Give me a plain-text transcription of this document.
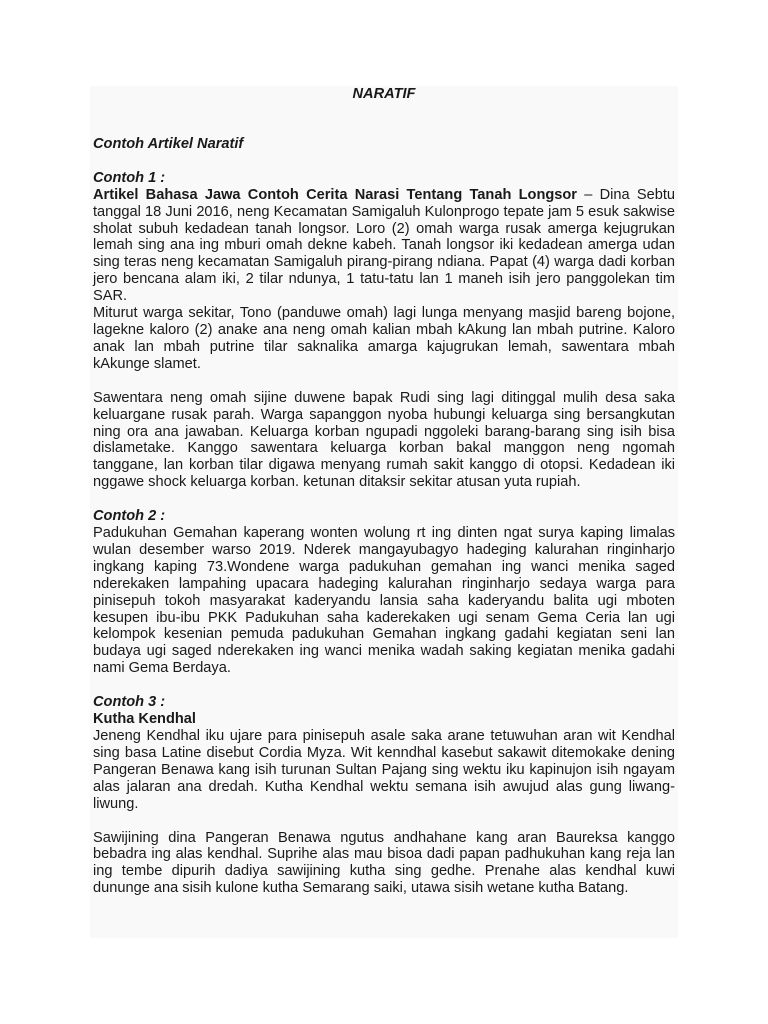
NARATIF
Contoh Artikel Naratif
Contoh 1 :

Artikel Bahasa Jawa Contoh Cerita Narasi Tentang Tanah Longsor – Dina Sebtu tanggal 18 Juni 2016, neng Kecamatan Samigaluh Kulonprogo tepate jam 5 esuk sakwise sholat subuh kedadean tanah longsor. Loro (2) omah warga rusak amerga kejugrukan lemah sing ana ing mburi omah dekne kabeh. Tanah longsor iki kedadean amerga udan sing teras neng kecamatan Samigaluh pirang-pirang ndiana. Papat (4) warga dadi korban jero bencana alam iki, 2 tilar ndunya, 1 tatu-tatu lan 1 maneh isih jero panggolekan tim SAR.

Miturut warga sekitar, Tono (panduwe omah) lagi lunga menyang masjid bareng bojone, lagekne kaloro (2) anake ana neng omah kalian mbah kAkung lan mbah putrine. Kaloro anak lan mbah putrine tilar saknalika amarga kajugrukan lemah, sawentara mbah kAkunge slamet.

Sawentara neng omah sijine duwene bapak Rudi sing lagi ditinggal mulih desa saka keluargane rusak parah. Warga sapanggon nyoba hubungi keluarga sing bersangkutan ning ora ana jawaban. Keluarga korban ngupadi nggoleki barang-barang sing isih bisa dislametake. Kanggo sawentara keluarga korban bakal manggon neng ngomah tanggane, lan korban tilar digawa menyang rumah sakit kanggo di otopsi. Kedadean iki nggawe shock keluarga korban. ketunan ditaksir sekitar atusan yuta rupiah.

Contoh 2 :

Padukuhan Gemahan kaperang wonten wolung rt ing dinten ngat surya kaping limalas wulan desember warso 2019. Nderek mangayubagyo hadeging kalurahan ringinharjo ingkang kaping 73.Wondene warga padukuhan gemahan ing wanci menika saged nderekaken lampahing upacara hadeging kalurahan ringinharjo sedaya warga para pinisepuh tokoh masyarakat kaderyandu lansia saha kaderyandu balita ugi mboten kesupen ibu-ibu PKK Padukuhan saha kaderekaken ugi senam Gema Ceria lan ugi kelompok kesenian pemuda padukuhan Gemahan ingkang gadahi kegiatan seni lan budaya ugi saged nderekaken ing wanci menika wadah saking kegiatan menika gadahi nami Gema Berdaya.

Contoh 3 :
Kutha Kendhal

Jeneng Kendhal iku ujare para pinisepuh asale saka arane tetuwuhan aran wit Kendhal sing basa Latine disebut Cordia Myza. Wit kenndhal kasebut sakawit ditemokake dening Pangeran Benawa kang isih turunan Sultan Pajang sing wektu iku kapinujon isih ngayam alas jalaran ana dredah. Kutha Kendhal wektu semana isih awujud alas gung liwang-liwung.

Sawijining dina Pangeran Benawa ngutus andhahane kang aran Baureksa kanggo bebadra ing alas kendhal. Suprihe alas mau bisoa dadi papan padhukuhan kang reja lan ing tembe dipurih dadiya sawijining kutha sing gedhe. Prenahe alas kendhal kuwi dununge ana sisih kulone kutha Semarang saiki, utawa sisih wetane kutha Batang.
